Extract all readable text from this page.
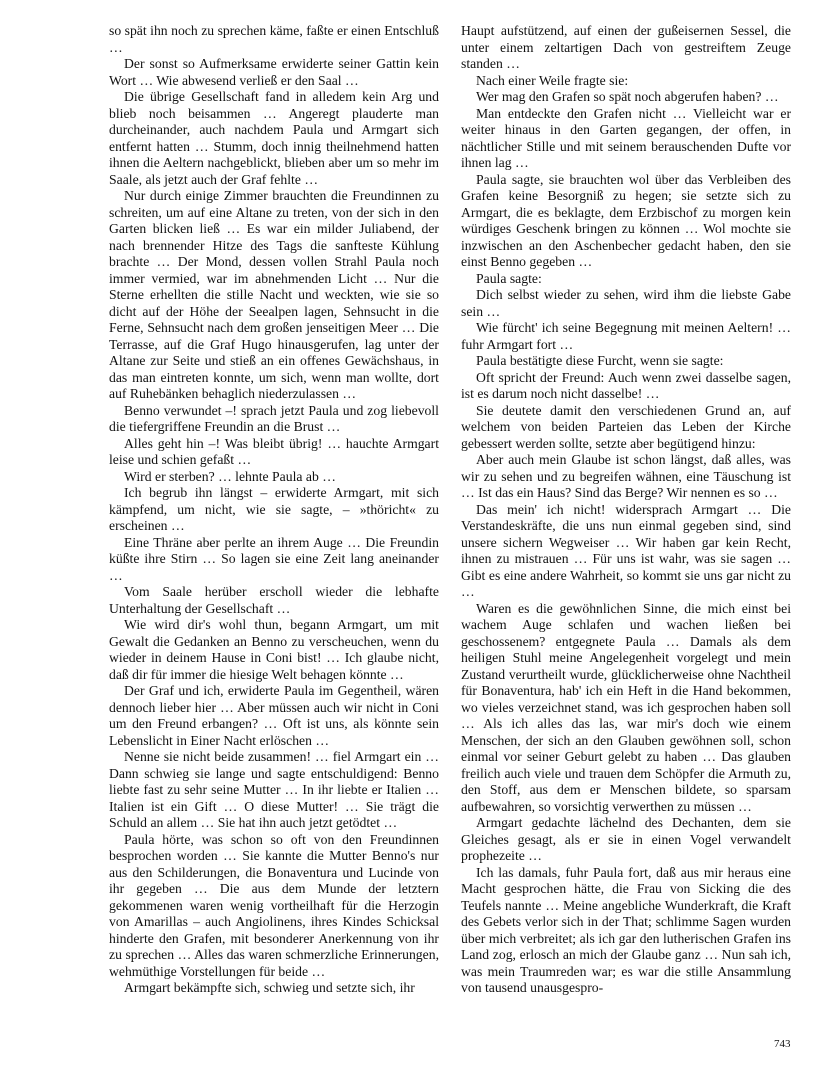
so spät ihn noch zu sprechen käme, faßte er einen Entschluß …

Der sonst so Aufmerksame erwiderte seiner Gattin kein Wort … Wie abwesend verließ er den Saal …

Die übrige Gesellschaft fand in alledem kein Arg und blieb noch beisammen … Angeregt plauderte man durcheinander, auch nachdem Paula und Armgart sich entfernt hatten … Stumm, doch innig theilnehmend hatten ihnen die Aeltern nachgeblickt, blieben aber um so mehr im Saale, als jetzt auch der Graf fehlte …

Nur durch einige Zimmer brauchten die Freundinnen zu schreiten, um auf eine Altane zu treten, von der sich in den Garten blicken ließ … Es war ein milder Juliabend, der nach brennender Hitze des Tags die sanfteste Kühlung brachte … Der Mond, dessen vollen Strahl Paula noch immer vermied, war im abnehmenden Licht … Nur die Sterne erhellten die stille Nacht und weckten, wie sie so dicht auf der Höhe der Seealpen lagen, Sehnsucht in die Ferne, Sehnsucht nach dem großen jenseitigen Meer … Die Terrasse, auf die Graf Hugo hinausgerufen, lag unter der Altane zur Seite und stieß an ein offenes Gewächshaus, in das man eintreten konnte, um sich, wenn man wollte, dort auf Ruhebänken behaglich niederzulassen …

Benno verwundet –! sprach jetzt Paula und zog liebevoll die tiefergriffene Freundin an die Brust …

Alles geht hin –! Was bleibt übrig! … hauchte Armgart leise und schien gefaßt …

Wird er sterben? … lehnte Paula ab …

Ich begrub ihn längst – erwiderte Armgart, mit sich kämpfend, um nicht, wie sie sagte, – »thöricht« zu erscheinen …

Eine Thräne aber perlte an ihrem Auge … Die Freundin küßte ihre Stirn … So lagen sie eine Zeit lang aneinander …

Vom Saale herüber erscholl wieder die lebhafte Unterhaltung der Gesellschaft …

Wie wird dir's wohl thun, begann Armgart, um mit Gewalt die Gedanken an Benno zu verscheuchen, wenn du wieder in deinem Hause in Coni bist! … Ich glaube nicht, daß dir für immer die hiesige Welt behagen könnte …

Der Graf und ich, erwiderte Paula im Gegentheil, wären dennoch lieber hier … Aber müssen auch wir nicht in Coni um den Freund erbangen? … Oft ist uns, als könnte sein Lebenslicht in Einer Nacht erlöschen …

Nenne sie nicht beide zusammen! … fiel Armgart ein … Dann schwieg sie lange und sagte entschuldigend: Benno liebte fast zu sehr seine Mutter … In ihr liebte er Italien … Italien ist ein Gift … O diese Mutter! … Sie trägt die Schuld an allem … Sie hat ihn auch jetzt getödtet …

Paula hörte, was schon so oft von den Freundinnen besprochen worden … Sie kannte die Mutter Benno's nur aus den Schilderungen, die Bonaventura und Lucinde von ihr gegeben … Die aus dem Munde der letztern gekommenen waren wenig vortheilhaft für die Herzogin von Amarillas – auch Angiolinens, ihres Kindes Schicksal hinderte den Grafen, mit besonderer Anerkennung von ihr zu sprechen … Alles das waren schmerzliche Erinnerungen, wehmüthige Vorstellungen für beide …

Armgart bekämpfte sich, schwieg und setzte sich, ihr

Haupt aufstützend, auf einen der gußeisernen Sessel, die unter einem zeltartigen Dach von gestreiftem Zeuge standen …

Nach einer Weile fragte sie:

Wer mag den Grafen so spät noch abgerufen haben? …

Man entdeckte den Grafen nicht … Vielleicht war er weiter hinaus in den Garten gegangen, der offen, in nächtlicher Stille und mit seinem berauschenden Dufte vor ihnen lag …

Paula sagte, sie brauchten wol über das Verbleiben des Grafen keine Besorgniß zu hegen; sie setzte sich zu Armgart, die es beklagte, dem Erzbischof zu morgen kein würdiges Geschenk bringen zu können … Wol mochte sie inzwischen an den Aschenbecher gedacht haben, den sie einst Benno gegeben …

Paula sagte:

Dich selbst wieder zu sehen, wird ihm die liebste Gabe sein …

Wie fürcht' ich seine Begegnung mit meinen Aeltern! … fuhr Armgart fort …

Paula bestätigte diese Furcht, wenn sie sagte:

Oft spricht der Freund: Auch wenn zwei dasselbe sagen, ist es darum noch nicht dasselbe! …

Sie deutete damit den verschiedenen Grund an, auf welchem von beiden Parteien das Leben der Kirche gebessert werden sollte, setzte aber begütigend hinzu:

Aber auch mein Glaube ist schon längst, daß alles, was wir zu sehen und zu begreifen wähnen, eine Täuschung ist … Ist das ein Haus? Sind das Berge? Wir nennen es so …

Das mein' ich nicht! widersprach Armgart … Die Verstandeskräfte, die uns nun einmal gegeben sind, sind unsere sichern Wegweiser … Wir haben gar kein Recht, ihnen zu mistrauen … Für uns ist wahr, was sie sagen … Gibt es eine andere Wahrheit, so kommt sie uns gar nicht zu …

Waren es die gewöhnlichen Sinne, die mich einst bei wachem Auge schlafen und wachen ließen bei geschossenem? entgegnete Paula … Damals als dem heiligen Stuhl meine Angelegenheit vorgelegt und mein Zustand verurtheilt wurde, glücklicherweise ohne Nachtheil für Bonaventura, hab' ich ein Heft in die Hand bekommen, wo vieles verzeichnet stand, was ich gesprochen haben soll … Als ich alles das las, war mir's doch wie einem Menschen, der sich an den Glauben gewöhnen soll, schon einmal vor seiner Geburt gelebt zu haben … Das glauben freilich auch viele und trauen dem Schöpfer die Armuth zu, den Stoff, aus dem er Menschen bildete, so sparsam aufbewahren, so vorsichtig verwerthen zu müssen …

Armgart gedachte lächelnd des Dechanten, dem sie Gleiches gesagt, als er sie in einen Vogel verwandelt prophezeite …

Ich las damals, fuhr Paula fort, daß aus mir heraus eine Macht gesprochen hätte, die Frau von Sicking die des Teufels nannte … Meine angebliche Wunderkraft, die Kraft des Gebets verlor sich in der That; schlimme Sagen wurden über mich verbreitet; als ich gar den lutherischen Grafen ins Land zog, erlosch an mich der Glaube ganz … Nun sah ich, was mein Traumreden war; es war die stille Ansammlung von tausend unausgespro-

743
